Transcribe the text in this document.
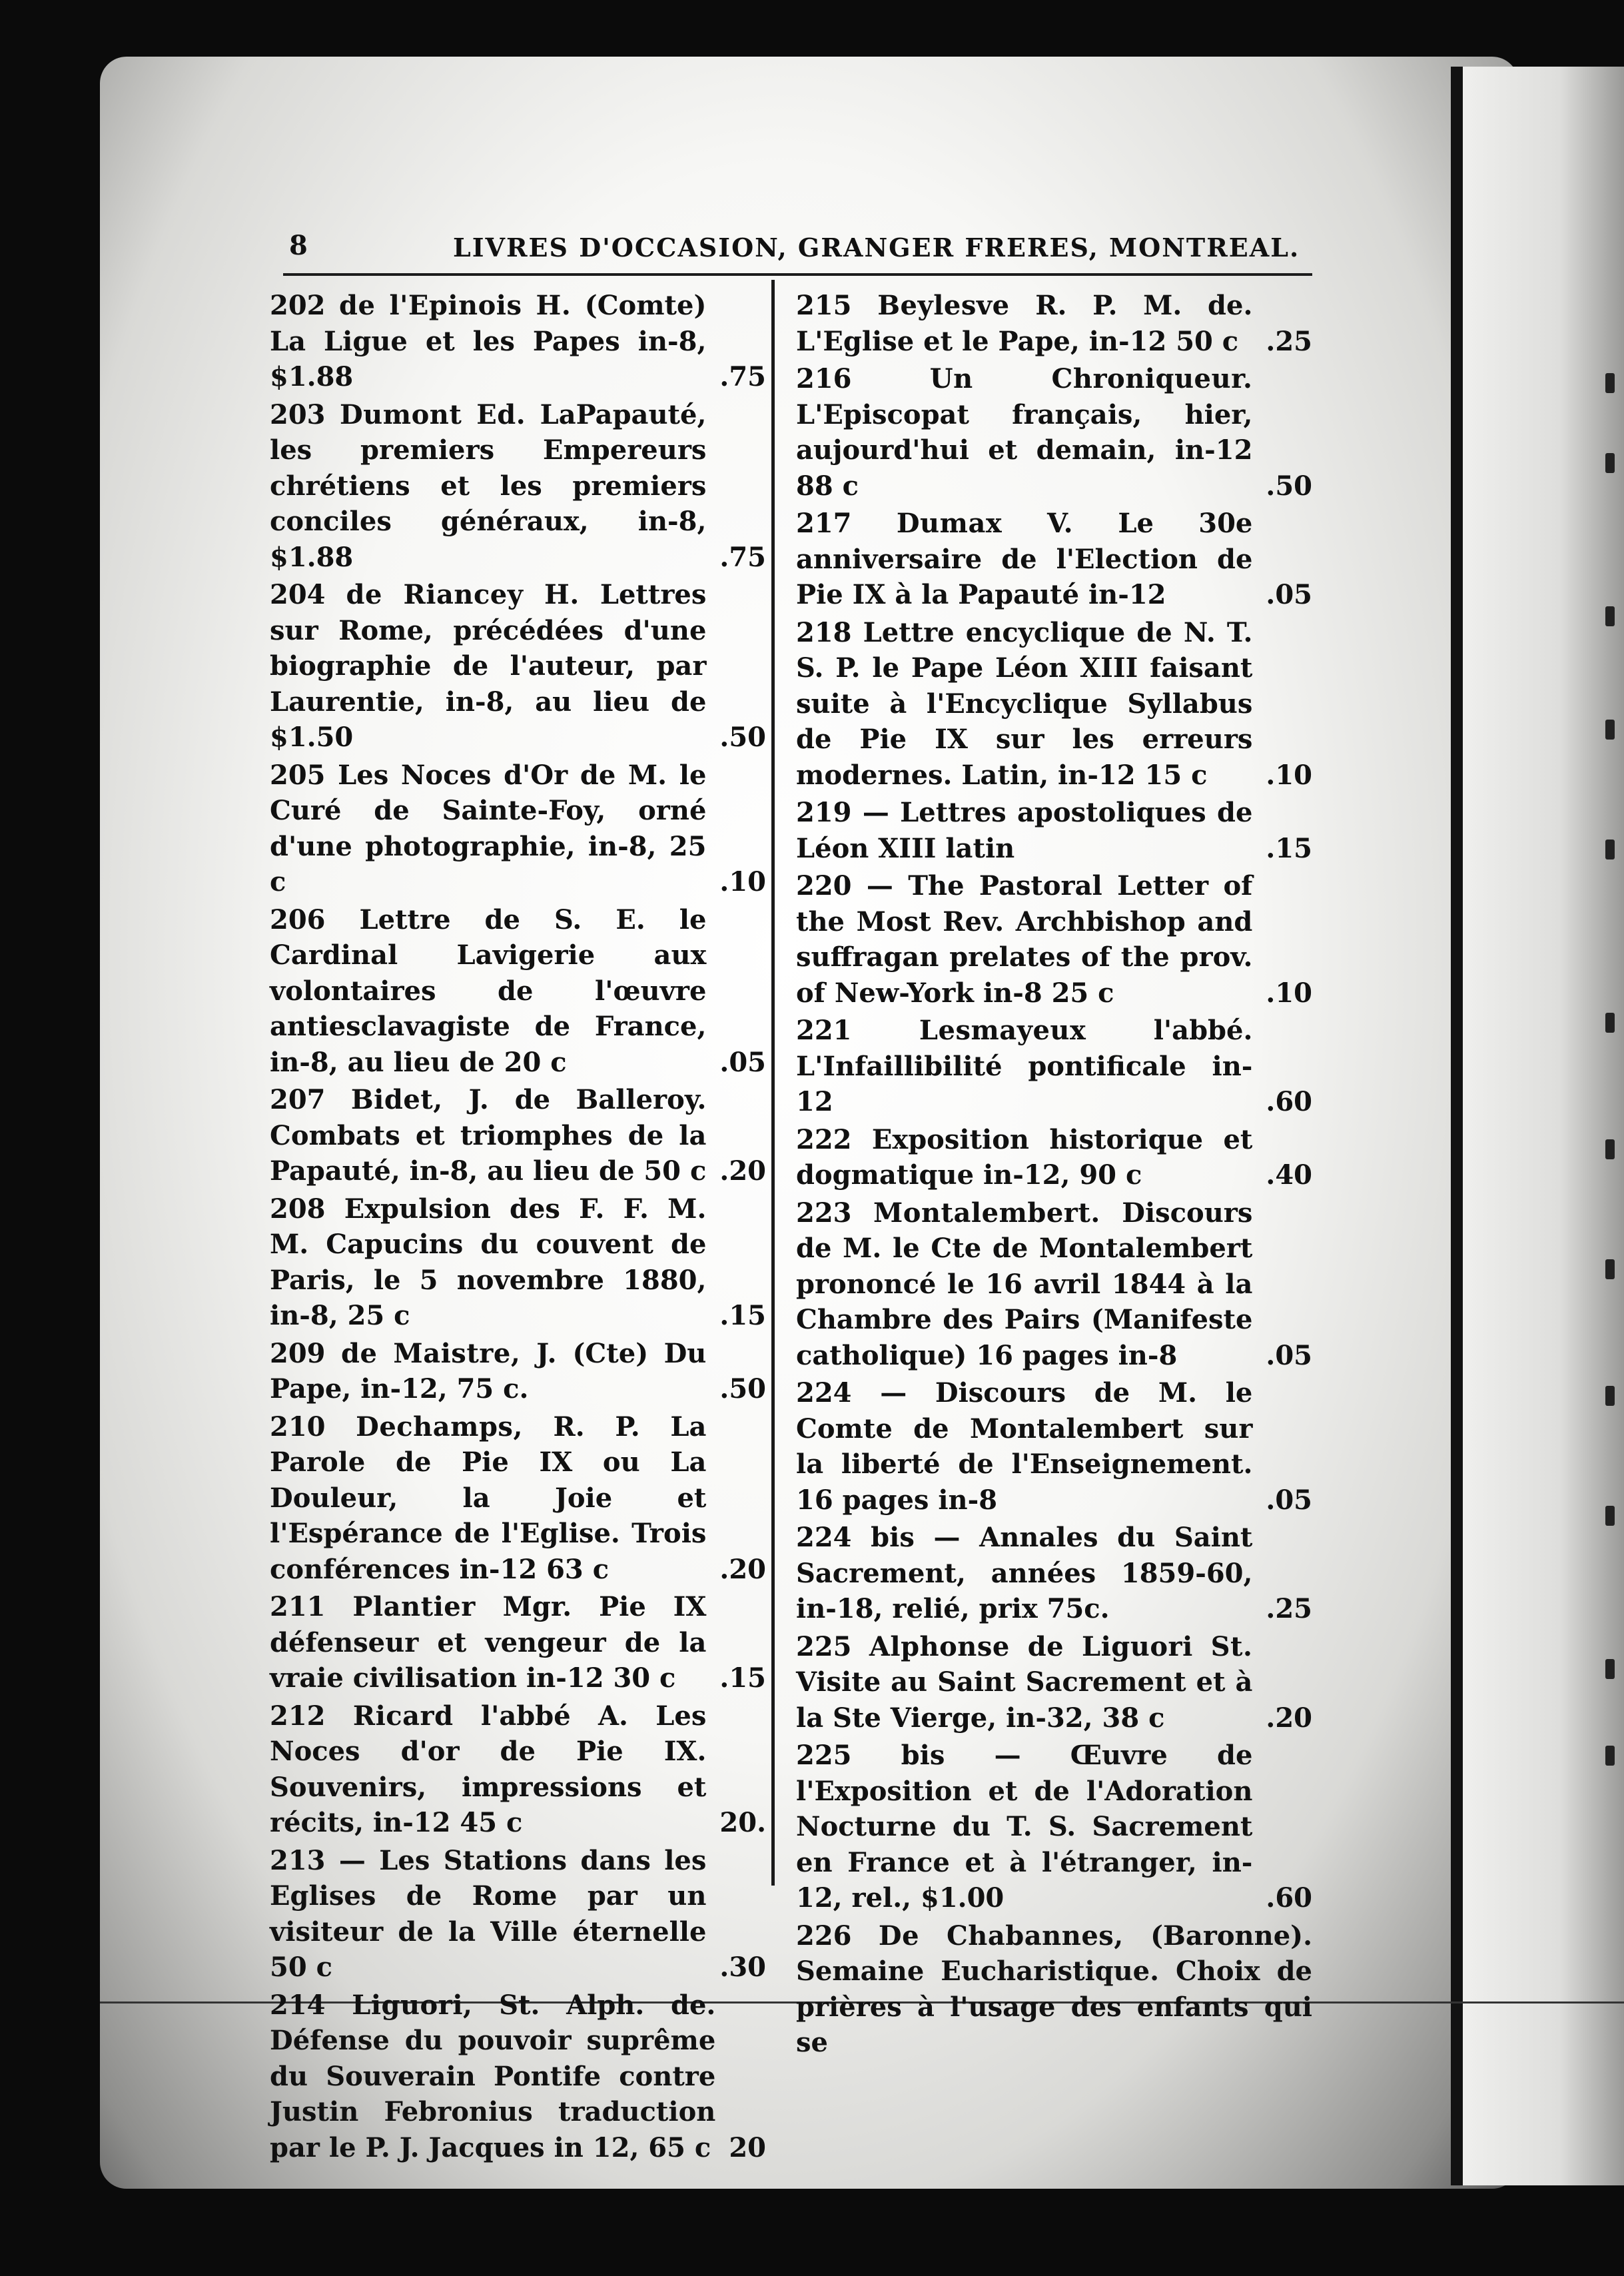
8	LIVRES D'OCCASION, GRANGER FRERES, MONTREAL.
202 de l'Epinois H. (Comte) La Ligue et les Papes in-8, $1.88	.75
203 Dumont Ed. LaPapauté, les premiers Empereurs chrétiens et les premiers conciles généraux, in-8, $1.88	.75
204 de Riancey H. Lettres sur Rome, précédées d'une biographie de l'auteur, par Laurentie, in-8, au lieu de $1.50	.50
205 Les Noces d'Or de M. le Curé de Sainte-Foy, orné d'une photographie, in-8, 25 c	.10
206 Lettre de S. E. le Cardinal Lavigerie aux volontaires de l'œuvre antiesclavagiste de France, in-8, au lieu de 20 c	.05
207 Bidet, J. de Balleroy. Combats et triomphes de la Papauté, in-8, au lieu de 50 c .20
208 Expulsion des F. F. M. M. Capucins du couvent de Paris, le 5 novembre 1880, in-8, 25 c	.15
209 de Maistre, J. (Cte) Du Pape, in-12, 75 c.	.50
210 Dechamps, R. P. La Parole de Pie IX ou La Douleur, la Joie et l'Espérance de l'Eglise. Trois conférences in-12 63 c	.20
211 Plantier Mgr. Pie IX défenseur et vengeur de la vraie civilisation in-12 30 c	.15
212 Ricard l'abbé A. Les Noces d'or de Pie IX. Souvenirs, impressions et récits, in-12 45 c	20.
213 — Les Stations dans les Eglises de Rome par un visiteur de la Ville éternelle 50 c	.30
214 Liguori, St. Alph. de. Défense du pouvoir suprême du Souverain Pontife contre Justin Febronius traduction par le P. J. Jacques in 12, 65 c 20
215 Beylesve R. P. M. de. L'Eglise et le Pape, in-12 50 c	.25
216	Un Chroniqueur. L'Episcopat français, hier, aujourd'hui et demain, in-12 88 c	.50
217 Dumax V. Le 30e anniversaire de l'Election de Pie IX à la Papauté in-12	.05
218 Lettre encyclique de N. T. S. P. le Pape Léon XIII faisant suite à l'Encyclique Syllabus de Pie IX sur les erreurs modernes. Latin, in-12 15 c	.10
219 — Lettres apostoliques de Léon XIII latin	.15
220 — The Pastoral Letter of the Most Rev. Archbishop and suffragan prelates of the prov. of New-York in-8 25 c	.10
221	Lesmayeux	l'abbé. L'Infaillibilité pontificale in-12	.60
222 Exposition historique et dogmatique in-12, 90 c	.40
223 Montalembert. Discours de M. le Cte de Montalembert prononcé le 16 avril 1844 à la Chambre des Pairs (Manifeste catholique) 16 pages in-8	.05
224 — Discours de M. le Comte de Montalembert sur la liberté de l'Enseignement. 16 pages in-8	.05
224 bis — Annales du Saint Sacrement, années 1859-60, in-18, relié, prix 75c.	.25
225 Alphonse de Liguori St. Visite au Saint Sacrement et à la Ste Vierge, in-32, 38 c	.20
225 bis — Œuvre de l'Exposition et de l'Adoration Nocturne du T. S. Sacrement en France et à l'étranger, in-12, rel., $1.00	.60
226 De Chabannes, (Baronne). Semaine Eucharistique. Choix de prières à l'usage des enfants qui se
